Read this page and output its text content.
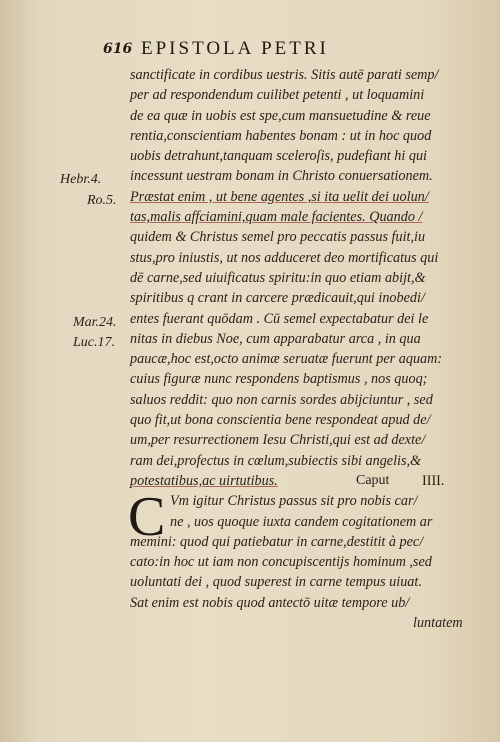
616 EPISTOLA PETRI
Hebr.4.
Ro.5.
Mar.24.
Luc.17.
sanctificate in cordibus uestris. Sitis autē parati semp/
per ad respondendum cuilibet petenti , ut loquamini
de ea quæ in uobis est spe,cum mansuetudine & reue
rentia,conscientiam habentes bonam : ut in hoc quod
uobis detrahunt,tanquam sceleroſis, pudefiant hi qui
incessunt uestram bonam in Christo conuersationem.
Præstat enim , ut bene agentes ,si ita uelit dei uolun/
tas,malis affciamini,quam male facientes. Quando /
quidem & Christus semel pro peccatis passus fuit,iu
stus,pro iniustis, ut nos adduceret deo mortificatus qui
dē carne,sed uiuificatus spiritu:in quo etiam abijt,&
spiritibus q crant in carcere prædicauit,qui inobedi/
entes fuerant quōdam . Cū semel expectabatur dei le
nitas in diebus Noe, cum apparabatur arca , in qua
paucæ,hoc est,octo animæ seruatæ fuerunt per aquam:
cuius figuræ nunc respondens baptismus , nos quoq;
saluos reddit: quo non carnis sordes abijciuntur , sed
quo fit,ut bona conscientia bene respondeat apud de/
um,per resurrectionem Iesu Christi,qui est ad dexte/
ram dei,profectus in cœlum,subiectis sibi angelis,&
potestatibus,ac uirtutibus.	Caput IIII.
Vm igitur Christus passus sit pro nobis car/
ne , uos quoque iuxta candem cogitationem ar
memini: quod qui patiebatur in carne,destitit à pec/
cato:in hoc ut iam non concupiscentijs hominum ,sed
uoluntati dei , quod superest in carne tempus uiuat.
Sat enim est nobis quod antectō uitæ tempore ub/
luntatem
C
